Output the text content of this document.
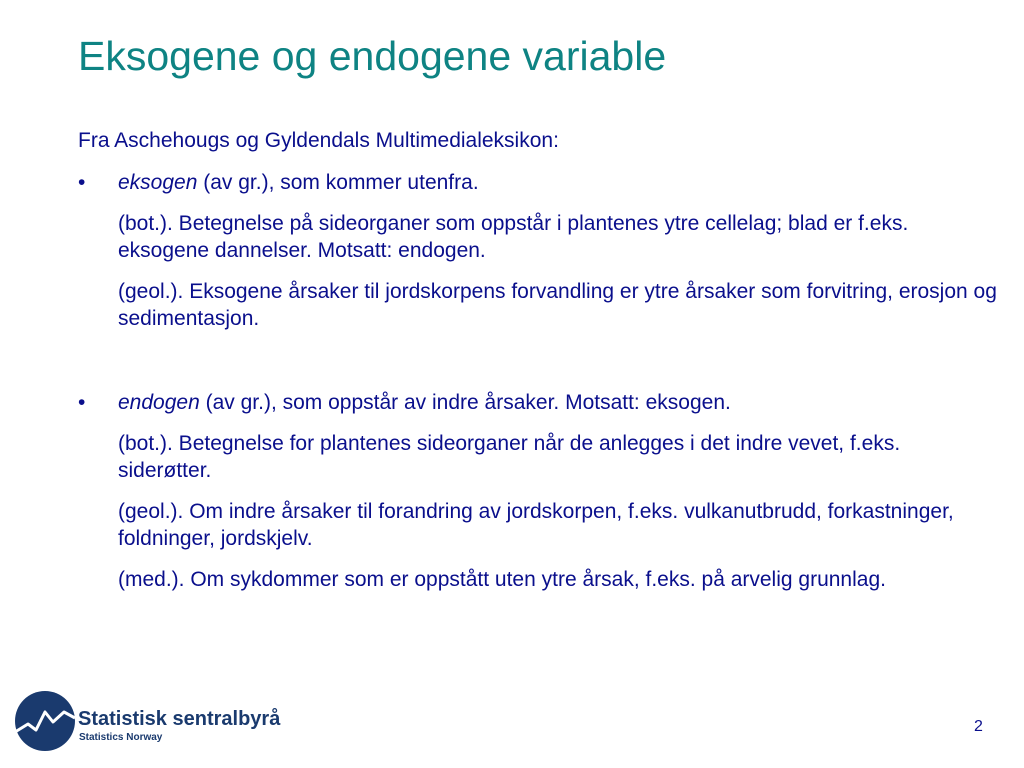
Eksogene og endogene variable

Fra Aschehougs og Gyldendals Multimedialeksikon:

•	eksogen (av gr.), som kommer utenfra.

(bot.). Betegnelse på sideorganer som oppstår i plantenes ytre cellelag; blad er f.eks. eksogene dannelser. Motsatt: endogen.

(geol.). Eksogene årsaker til jordskorpens forvandling er ytre årsaker som forvitring, erosjon og sedimentasjon.

•	endogen (av gr.), som oppstår av indre årsaker. Motsatt: eksogen.

(bot.). Betegnelse for plantenes sideorganer når de anlegges i det indre vevet, f.eks. siderøtter.

(geol.). Om indre årsaker til forandring av jordskorpen, f.eks. vulkanutbrudd, forkastninger, foldninger, jordskjelv.

(med.). Om sykdommer som er oppstått uten ytre årsak, f.eks. på arvelig grunnlag.

Statistisk sentralbyrå
Statistics Norway
2
